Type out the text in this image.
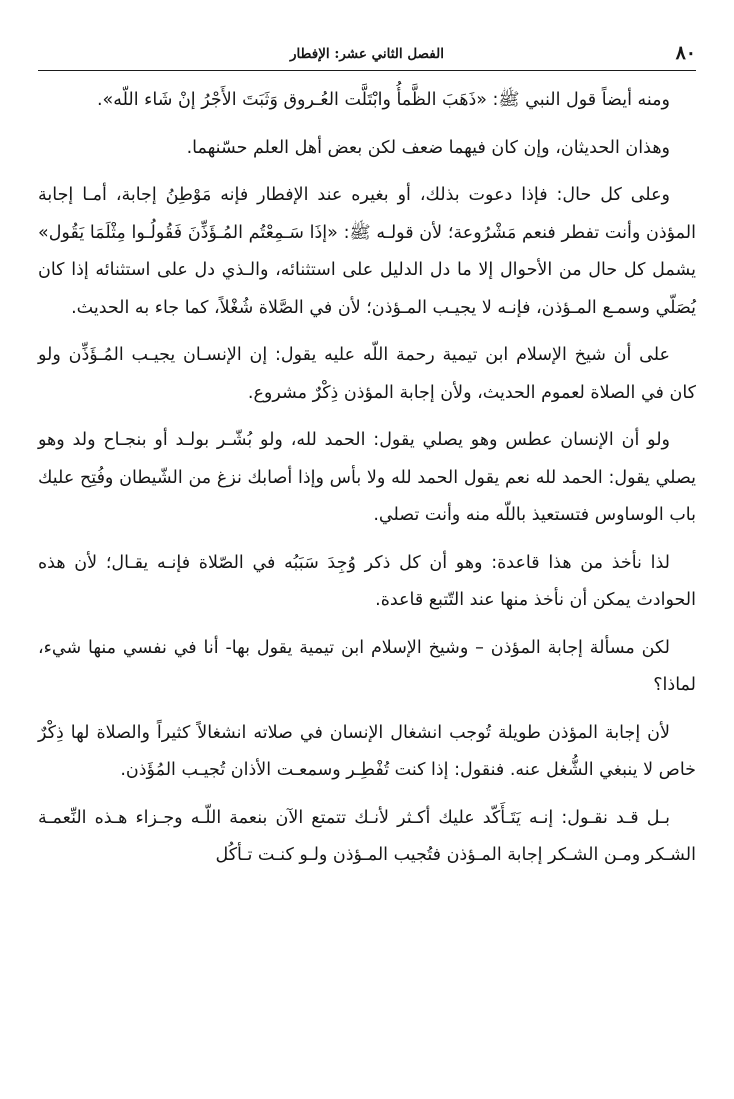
٨٠
الفصل الثاني عشر: الإفطار

ومنه أيضاً قول النبي ﷺ: «ذَهَبَ الظَّمأُ وابْتَلَّت العُـروق وَثَبَتَ الأَجْرُ إنْ شَاء اللّه».

وهذان الحديثان، وإن كان فيهما ضعف لكن بعض أهل العلم حسّنهما.

وعلى كل حال: فإذا دعوت بذلك، أو بغيره عند الإفطار فإنه مَوْطِنُ إجابة، أمـا إجابة المؤذن وأنت تفطر فنعم مَشْرُوعة؛ لأن قولـه ﷺ: «إذَا سَـمِعْتُم المُـؤَذِّنَ فَقُولُـوا مِثْلَمَا يَقُول» يشمل كل حال من الأحوال إلا ما دل الدليل على استثنائه، والـذي دل على استثنائه إذا كان يُصَلّي وسمـع المـؤذن، فإنـه لا يجيـب المـؤذن؛ لأن في الصَّلاة شُغْلاً، كما جاء به الحديث.

على أن شيخ الإسلام ابن تيمية رحمة اللّه عليه يقول: إن الإنسـان يجيـب المُـؤَذِّن ولو كان في الصلاة لعموم الحديث، ولأن إجابة المؤذن ذِكْرٌ مشروع.

ولو أن الإنسان عطس وهو يصلي يقول: الحمد لله، ولو بُشّـر بولـد أو بنجـاح ولد وهو يصلي يقول: الحمد لله نعم يقول الحمد لله ولا بأس وإذا أصابك نزغ من الشّيطان وفُتِح عليك باب الوساوس فتستعيذ باللّه منه وأنت تصلي.

لذا نأخذ من هذا قاعدة: وهو أن كل ذكر وُجِدَ سَبَبُه في الصّلاة فإنـه يقـال؛ لأن هذه الحوادث يمكن أن نأخذ منها عند التّتبع قاعدة.

لكن مسألة إجابة المؤذن – وشيخ الإسلام ابن تيمية يقول بها- أنا في نفسي منها شيء، لماذا؟

لأن إجابة المؤذن طويلة تُوجب انشغال الإنسان في صلاته انشغالاً كثيراً والصلاة لها ذِكْرٌ خاص لا ينبغي الشُّغل عنه. فنقول: إذا كنت تُفْطِـر وسمعـت الأذان تُجيـب المُؤَذن.

بـل قـد نقـول: إنـه يَتَـأَكّد عليك أكـثر لأنـك تتمتع الآن بنعمة اللّـه وجـزاء هـذه النِّعمـة الشـكر ومـن الشـكر إجابة المـؤذن فتُجيب المـؤذن ولـو كنـت تـأكُل
